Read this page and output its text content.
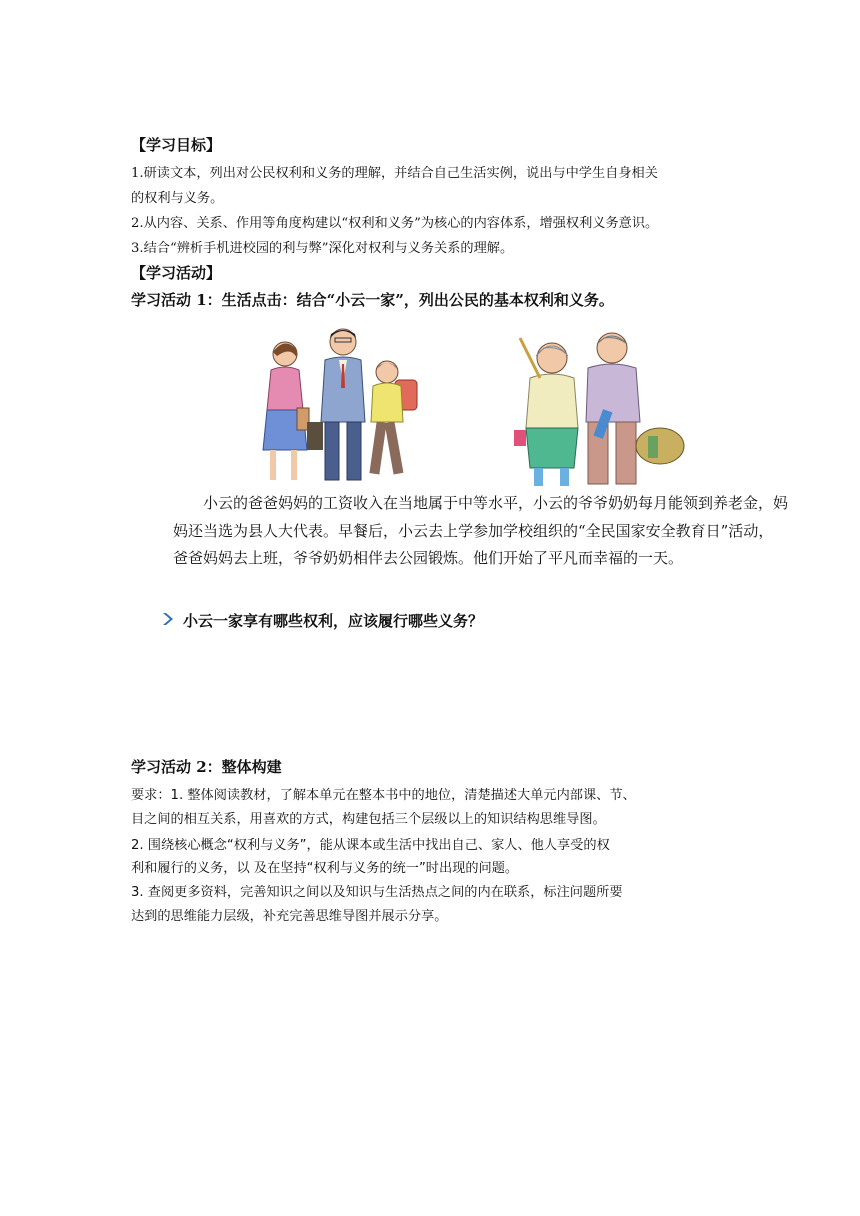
【学习目标】
1.研读文本，列出对公民权利和义务的理解，并结合自己生活实例，说出与中学生自身相关
的权利与义务。
2.从内容、关系、作用等角度构建以“权利和义务”为核心的内容体系，增强权利义务意识。
3.结合“辨析手机进校园的利与弊”深化对权利与义务关系的理解。
【学习活动】
学习活动 1：生活点击：结合“小云一家”，列出公民的基本权利和义务。
小云的爸爸妈妈的工资收入在当地属于中等水平，小云的爷爷奶奶每月能领到养老金，妈妈还当选为县人大代表。早餐后，小云去上学参加学校组织的“全民国家安全教育日”活动，爸爸妈妈去上班，爷爷奶奶相伴去公园锻炼。他们开始了平凡而幸福的一天。
小云一家享有哪些权利，应该履行哪些义务？
学习活动 2：整体构建
要求：1. 整体阅读教材，了解本单元在整本书中的地位，清楚描述大单元内部课、节、
目之间的相互关系，用喜欢的方式，构建包括三个层级以上的知识结构思维导图。
2. 围绕核心概念“权利与义务”，能从课本或生活中找出自己、家人、他人享受的权
利和履行的义务，以 及在坚持“权利与义务的统一”时出现的问题。
3. 查阅更多资料，完善知识之间以及知识与生活热点之间的内在联系，标注问题所要
达到的思维能力层级，补充完善思维导图并展示分享。
